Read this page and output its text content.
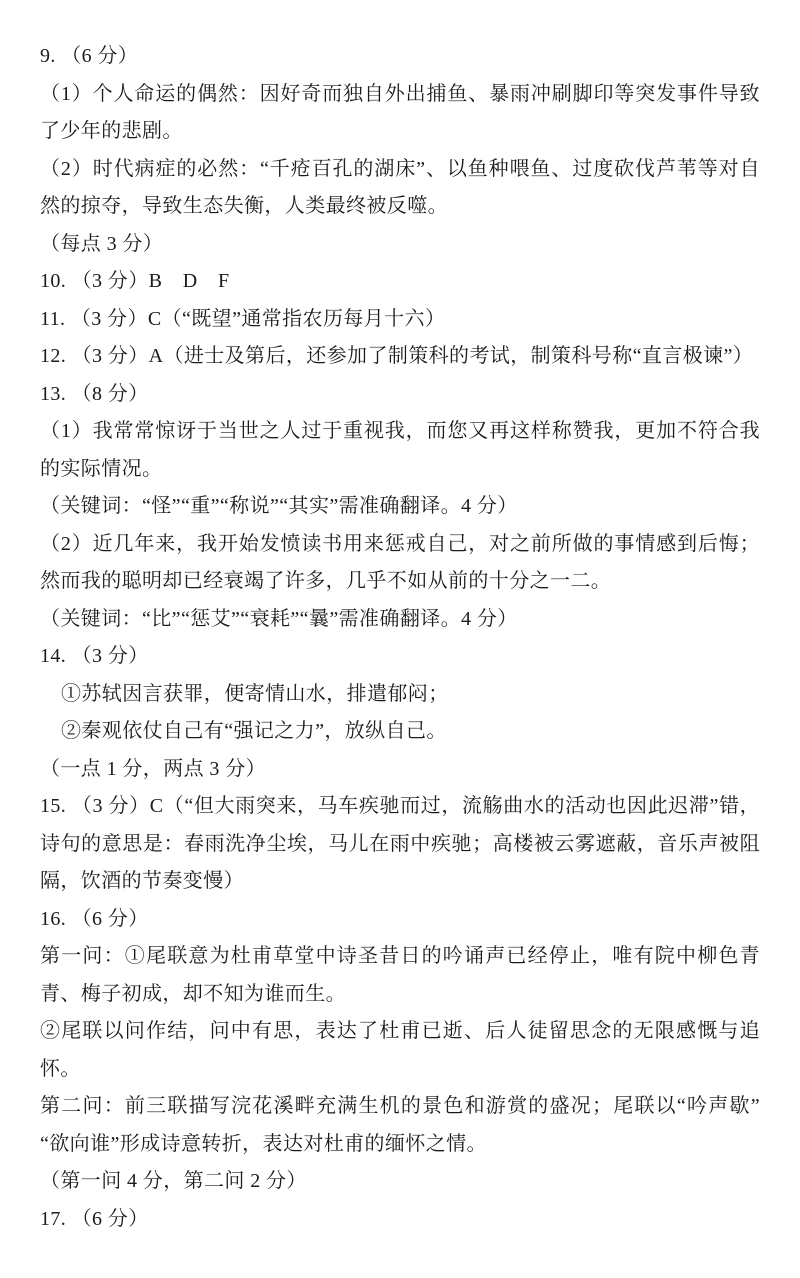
9. （6 分）

（1）个人命运的偶然：因好奇而独自外出捕鱼、暴雨冲刷脚印等突发事件导致了少年的悲剧。

（2）时代病症的必然：“千疮百孔的湖床”、以鱼种喂鱼、过度砍伐芦苇等对自然的掠夺，导致生态失衡，人类最终被反噬。

（每点 3 分）

10. （3 分）B　D　F

11. （3 分）C（“既望”通常指农历每月十六）

12. （3 分）A（进士及第后，还参加了制策科的考试，制策科号称“直言极谏”）

13. （8 分）

（1）我常常惊讶于当世之人过于重视我，而您又再这样称赞我，更加不符合我的实际情况。

（关键词：“怪”“重”“称说”“其实”需准确翻译。4 分）

（2）近几年来，我开始发愤读书用来惩戒自己，对之前所做的事情感到后悔；然而我的聪明却已经衰竭了许多，几乎不如从前的十分之一二。

（关键词：“比”“惩艾”“衰耗”“曩”需准确翻译。4 分）

14. （3 分）

①苏轼因言获罪，便寄情山水，排遣郁闷；

②秦观依仗自己有“强记之力”，放纵自己。

（一点 1 分，两点 3 分）

15. （3 分）C（“但大雨突来，马车疾驰而过，流觞曲水的活动也因此迟滞”错，诗句的意思是：春雨洗净尘埃，马儿在雨中疾驰；高楼被云雾遮蔽，音乐声被阻隔，饮酒的节奏变慢）

16. （6 分）

第一问：①尾联意为杜甫草堂中诗圣昔日的吟诵声已经停止，唯有院中柳色青青、梅子初成，却不知为谁而生。

②尾联以问作结，问中有思，表达了杜甫已逝、后人徒留思念的无限感慨与追怀。

第二问：前三联描写浣花溪畔充满生机的景色和游赏的盛况；尾联以“吟声歇”“欲向谁”形成诗意转折，表达对杜甫的缅怀之情。

（第一问 4 分，第二问 2 分）

17. （6 分）
